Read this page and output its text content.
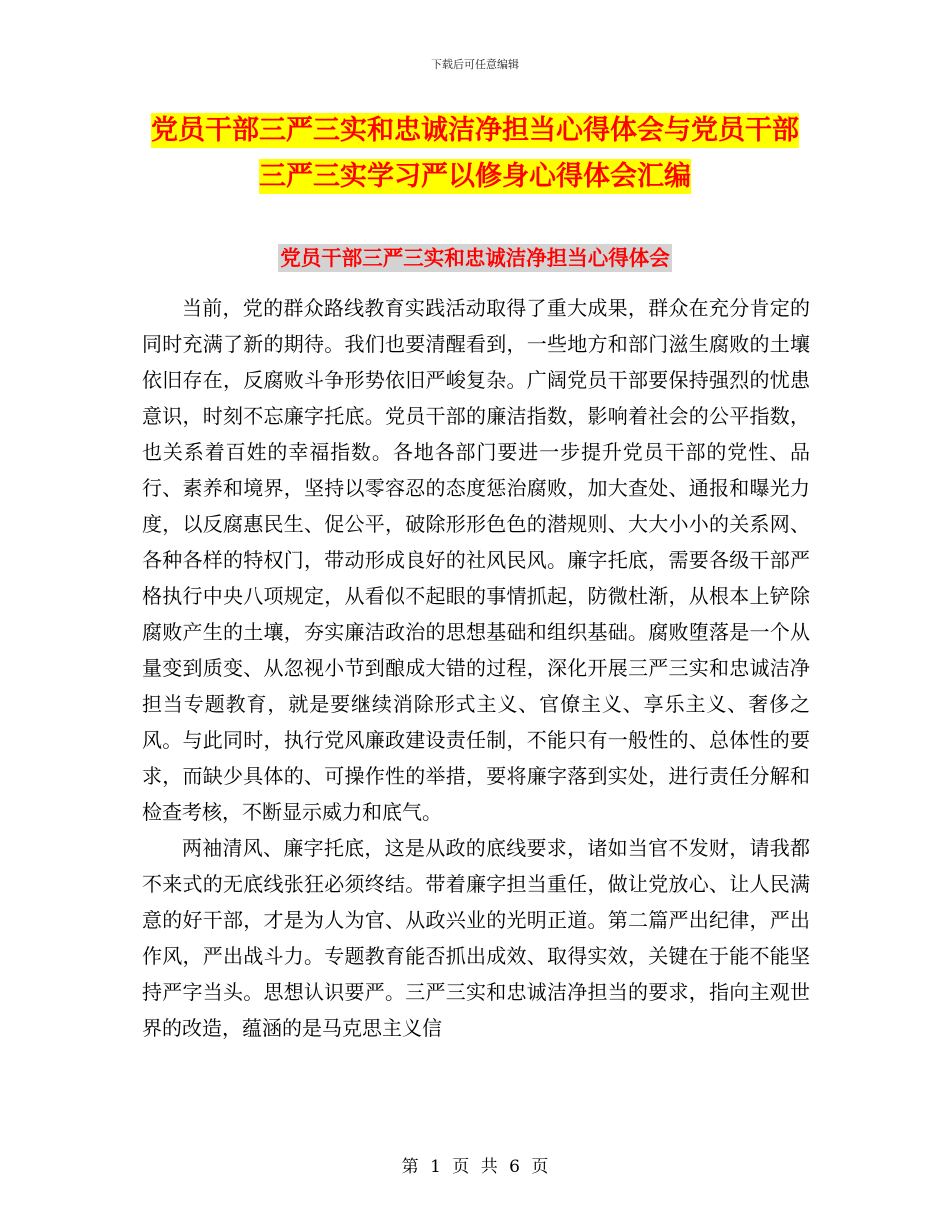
下载后可任意编辑
党员干部三严三实和忠诚洁净担当心得体会与党员干部三严三实学习严以修身心得体会汇编
党员干部三严三实和忠诚洁净担当心得体会

当前，党的群众路线教育实践活动取得了重大成果，群众在充分肯定的同时充满了新的期待。我们也要清醒看到，一些地方和部门滋生腐败的土壤依旧存在，反腐败斗争形势依旧严峻复杂。广阔党员干部要保持强烈的忧患意识，时刻不忘廉字托底。党员干部的廉洁指数，影响着社会的公平指数，也关系着百姓的幸福指数。各地各部门要进一步提升党员干部的党性、品行、素养和境界，坚持以零容忍的态度惩治腐败，加大查处、通报和曝光力度，以反腐惠民生、促公平，破除形形色色的潜规则、大大小小的关系网、各种各样的特权门，带动形成良好的社风民风。廉字托底，需要各级干部严格执行中央八项规定，从看似不起眼的事情抓起，防微杜渐，从根本上铲除腐败产生的土壤，夯实廉洁政治的思想基础和组织基础。腐败堕落是一个从量变到质变、从忽视小节到酿成大错的过程，深化开展三严三实和忠诚洁净担当专题教育，就是要继续消除形式主义、官僚主义、享乐主义、奢侈之风。与此同时，执行党风廉政建设责任制，不能只有一般性的、总体性的要求，而缺少具体的、可操作性的举措，要将廉字落到实处，进行责任分解和检查考核，不断显示威力和底气。

两袖清风、廉字托底，这是从政的底线要求，诸如当官不发财，请我都不来式的无底线张狂必须终结。带着廉字担当重任，做让党放心、让人民满意的好干部，才是为人为官、从政兴业的光明正道。第二篇严出纪律，严出作风，严出战斗力。专题教育能否抓出成效、取得实效，关键在于能不能坚持严字当头。思想认识要严。三严三实和忠诚洁净担当的要求，指向主观世界的改造，蕴涵的是马克思主义信

第 1 页 共 6 页
